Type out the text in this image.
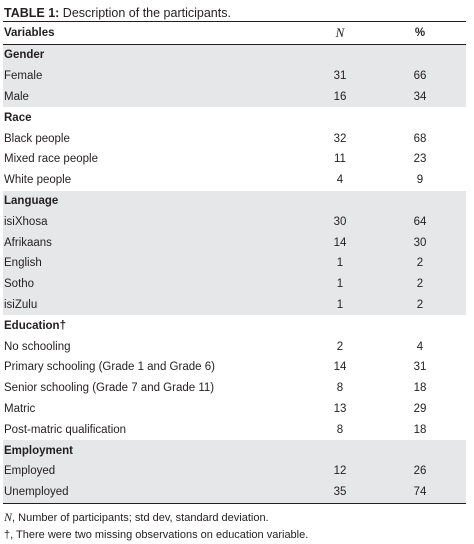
TABLE 1: Description of the participants.
Variables	N	%
Gender
Female	31	66
Male	16	34
Race
Black people	32	68
Mixed race people	11	23
White people	4	9
Language
isiXhosa	30	64
Afrikaans	14	30
English	1	2
Sotho	1	2
isiZulu	1	2
Education†
No schooling	2	4
Primary schooling (Grade 1 and Grade 6)	14	31
Senior schooling (Grade 7 and Grade 11)	8	18
Matric	13	29
Post-matric qualification	8	18
Employment
Employed	12	26
Unemployed	35	74
N, Number of participants; std dev, standard deviation.
†, There were two missing observations on education variable.
